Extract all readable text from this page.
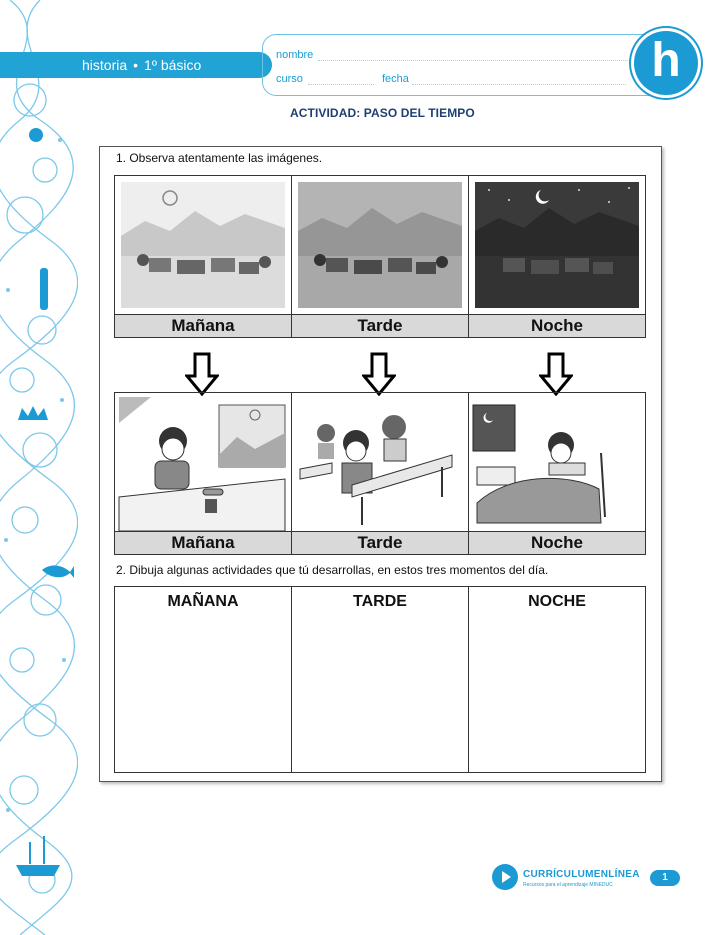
historia • 1º básico
nombre
curso	fecha	h
ACTIVIDAD: PASO DEL TIEMPO
1. Observa atentamente las imágenes.
Mañana	Tarde	Noche
Mañana	Tarde	Noche
2. Dibuja algunas actividades que tú desarrollas, en estos tres momentos del día.
MAÑANA	TARDE	NOCHE
CURRÍCULUMENLÍNEA
Recursos para el aprendizaje MINEDUC
1
